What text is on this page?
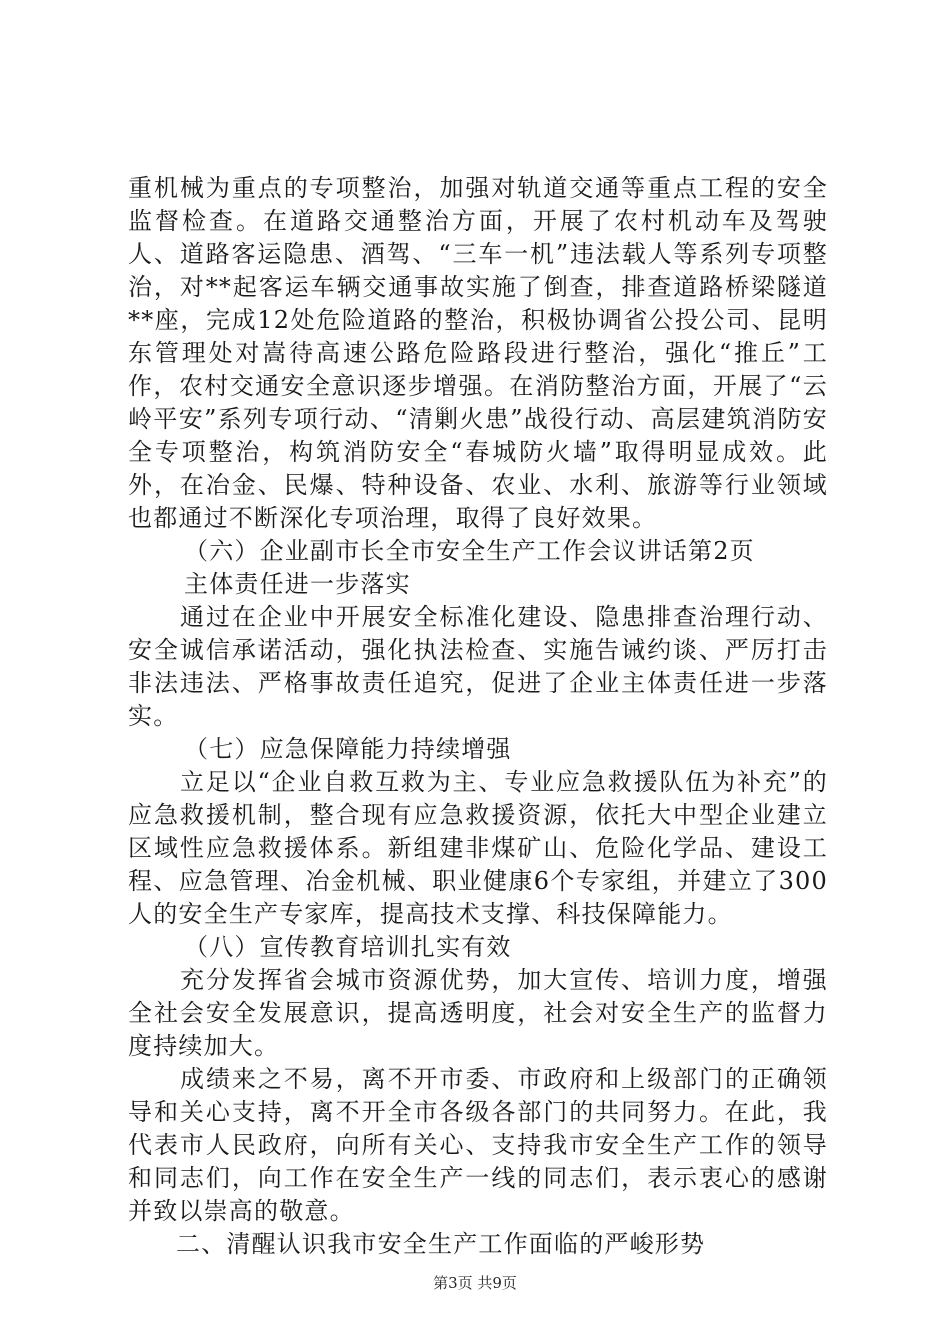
重机械为重点的专项整治，加强对轨道交通等重点工程的安全监督检查。在道路交通整治方面，开展了农村机动车及驾驶人、道路客运隐患、酒驾、“三车一机”违法载人等系列专项整治，对**起客运车辆交通事故实施了倒查，排查道路桥梁隧道**座，完成12处危险道路的整治，积极协调省公投公司、昆明东管理处对嵩待高速公路危险路段进行整治，强化“推丘”工作，农村交通安全意识逐步增强。在消防整治方面，开展了“云岭平安”系列专项行动、“清剿火患”战役行动、高层建筑消防安全专项整治，构筑消防安全“春城防火墙”取得明显成效。此外，在冶金、民爆、特种设备、农业、水利、旅游等行业领域也都通过不断深化专项治理，取得了良好效果。

（六）企业副市长全市安全生产工作会议讲话第2页

主体责任进一步落实

通过在企业中开展安全标准化建设、隐患排查治理行动、安全诚信承诺活动，强化执法检查、实施告诫约谈、严厉打击非法违法、严格事故责任追究，促进了企业主体责任进一步落实。

（七）应急保障能力持续增强

立足以“企业自救互救为主、专业应急救援队伍为补充”的应急救援机制，整合现有应急救援资源，依托大中型企业建立区域性应急救援体系。新组建非煤矿山、危险化学品、建设工程、应急管理、冶金机械、职业健康6个专家组，并建立了300人的安全生产专家库，提高技术支撑、科技保障能力。

（八）宣传教育培训扎实有效

充分发挥省会城市资源优势，加大宣传、培训力度，增强全社会安全发展意识，提高透明度，社会对安全生产的监督力度持续加大。

成绩来之不易，离不开市委、市政府和上级部门的正确领导和关心支持，离不开全市各级各部门的共同努力。在此，我代表市人民政府，向所有关心、支持我市安全生产工作的领导和同志们，向工作在安全生产一线的同志们，表示衷心的感谢并致以崇高的敬意。

二、清醒认识我市安全生产工作面临的严峻形势

第3页 共9页
